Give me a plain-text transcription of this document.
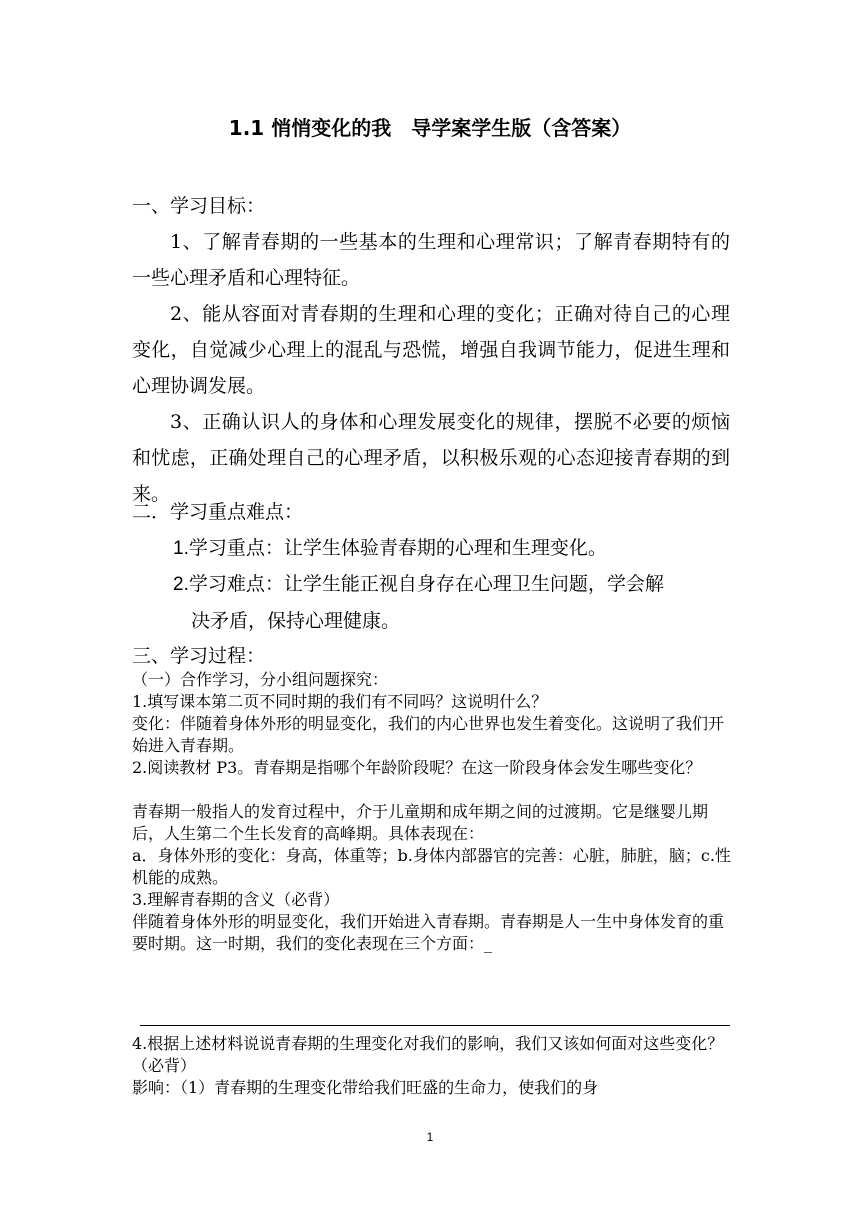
1.1 悄悄变化的我　导学案学生版（含答案）

一、学习目标：

1、了解青春期的一些基本的生理和心理常识；了解青春期特有的一些心理矛盾和心理特征。

2、能从容面对青春期的生理和心理的变化；正确对待自己的心理变化，自觉减少心理上的混乱与恐慌，增强自我调节能力，促进生理和心理协调发展。

3、正确认识人的身体和心理发展变化的规律，摆脱不必要的烦恼和忧虑，正确处理自己的心理矛盾，以积极乐观的心态迎接青春期的到来。

二．学习重点难点：

1.学习重点：让学生体验青春期的心理和生理变化。

2.学习难点：让学生能正视自身存在心理卫生问题，学会解
决矛盾，保持心理健康。

三、学习过程：

（一）合作学习，分小组问题探究：

1.填写课本第二页不同时期的我们有不同吗？这说明什么？

变化：伴随着身体外形的明显变化，我们的内心世界也发生着变化。这说明了我们开始进入青春期。

2.阅读教材 P3。青春期是指哪个年龄阶段呢？在这一阶段身体会发生哪些变化？

青春期一般指人的发育过程中，介于儿童期和成年期之间的过渡期。它是继婴儿期后，人生第二个生长发育的高峰期。具体表现在：

a．身体外形的变化：身高，体重等；b.身体内部器官的完善：心脏，肺脏，脑；c.性机能的成熟。

3.理解青春期的含义（必背）

伴随着身体外形的明显变化，我们开始进入青春期。青春期是人一生中身体发育的重要时期。这一时期，我们的变化表现在三个方面：_

4.根据上述材料说说青春期的生理变化对我们的影响，我们又该如何面对这些变化？（必背）

影响：（1）青春期的生理变化带给我们旺盛的生命力，使我们的身

1
